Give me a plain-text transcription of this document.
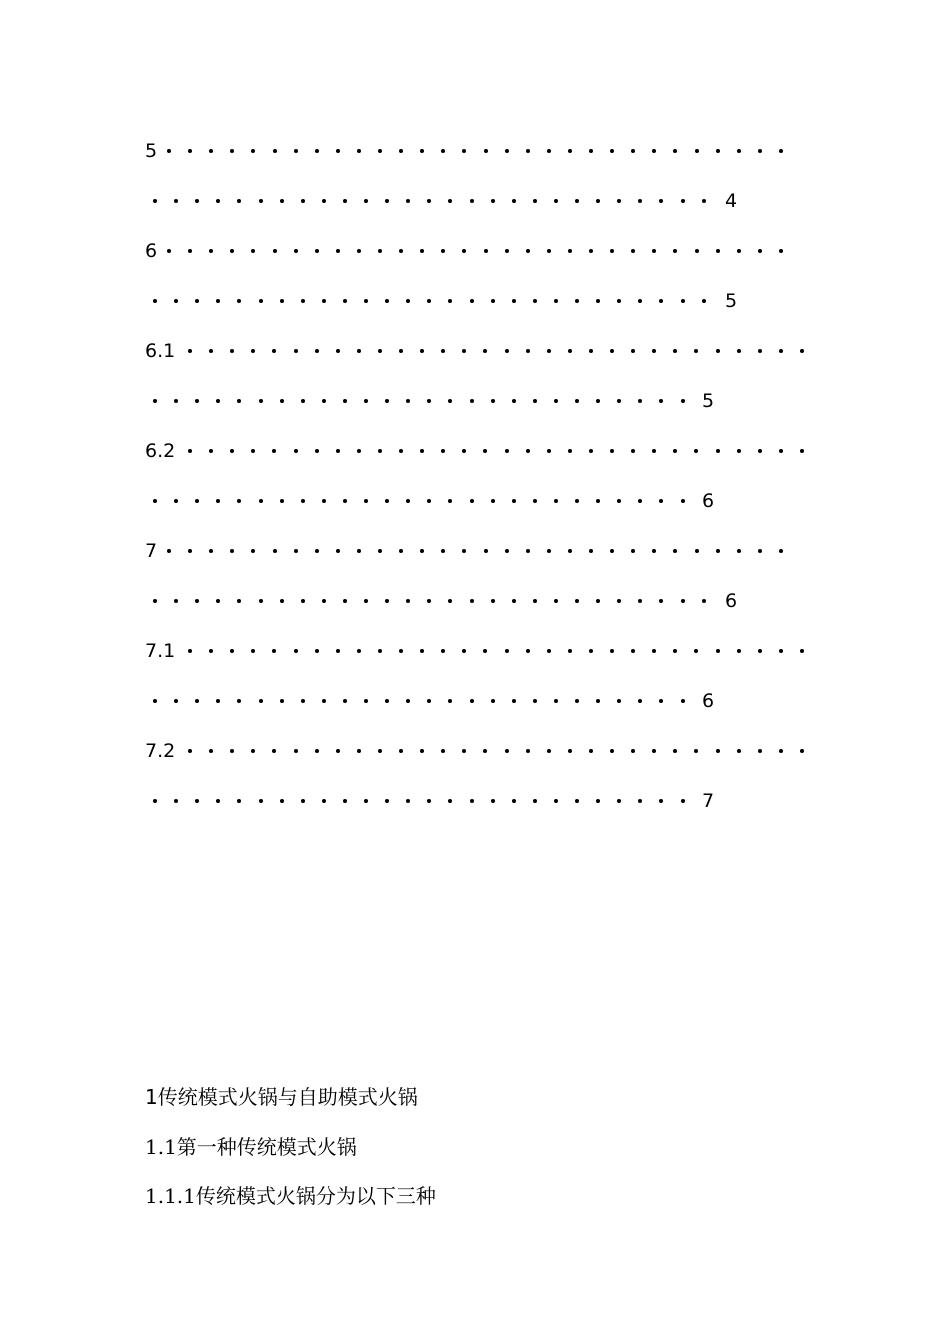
5
4
6
5
6.1
5
6.2
6
7
6
7.1
6
7.2
7
1传统模式火锅与自助模式火锅
1.1第一种传统模式火锅
1.1.1传统模式火锅分为以下三种
